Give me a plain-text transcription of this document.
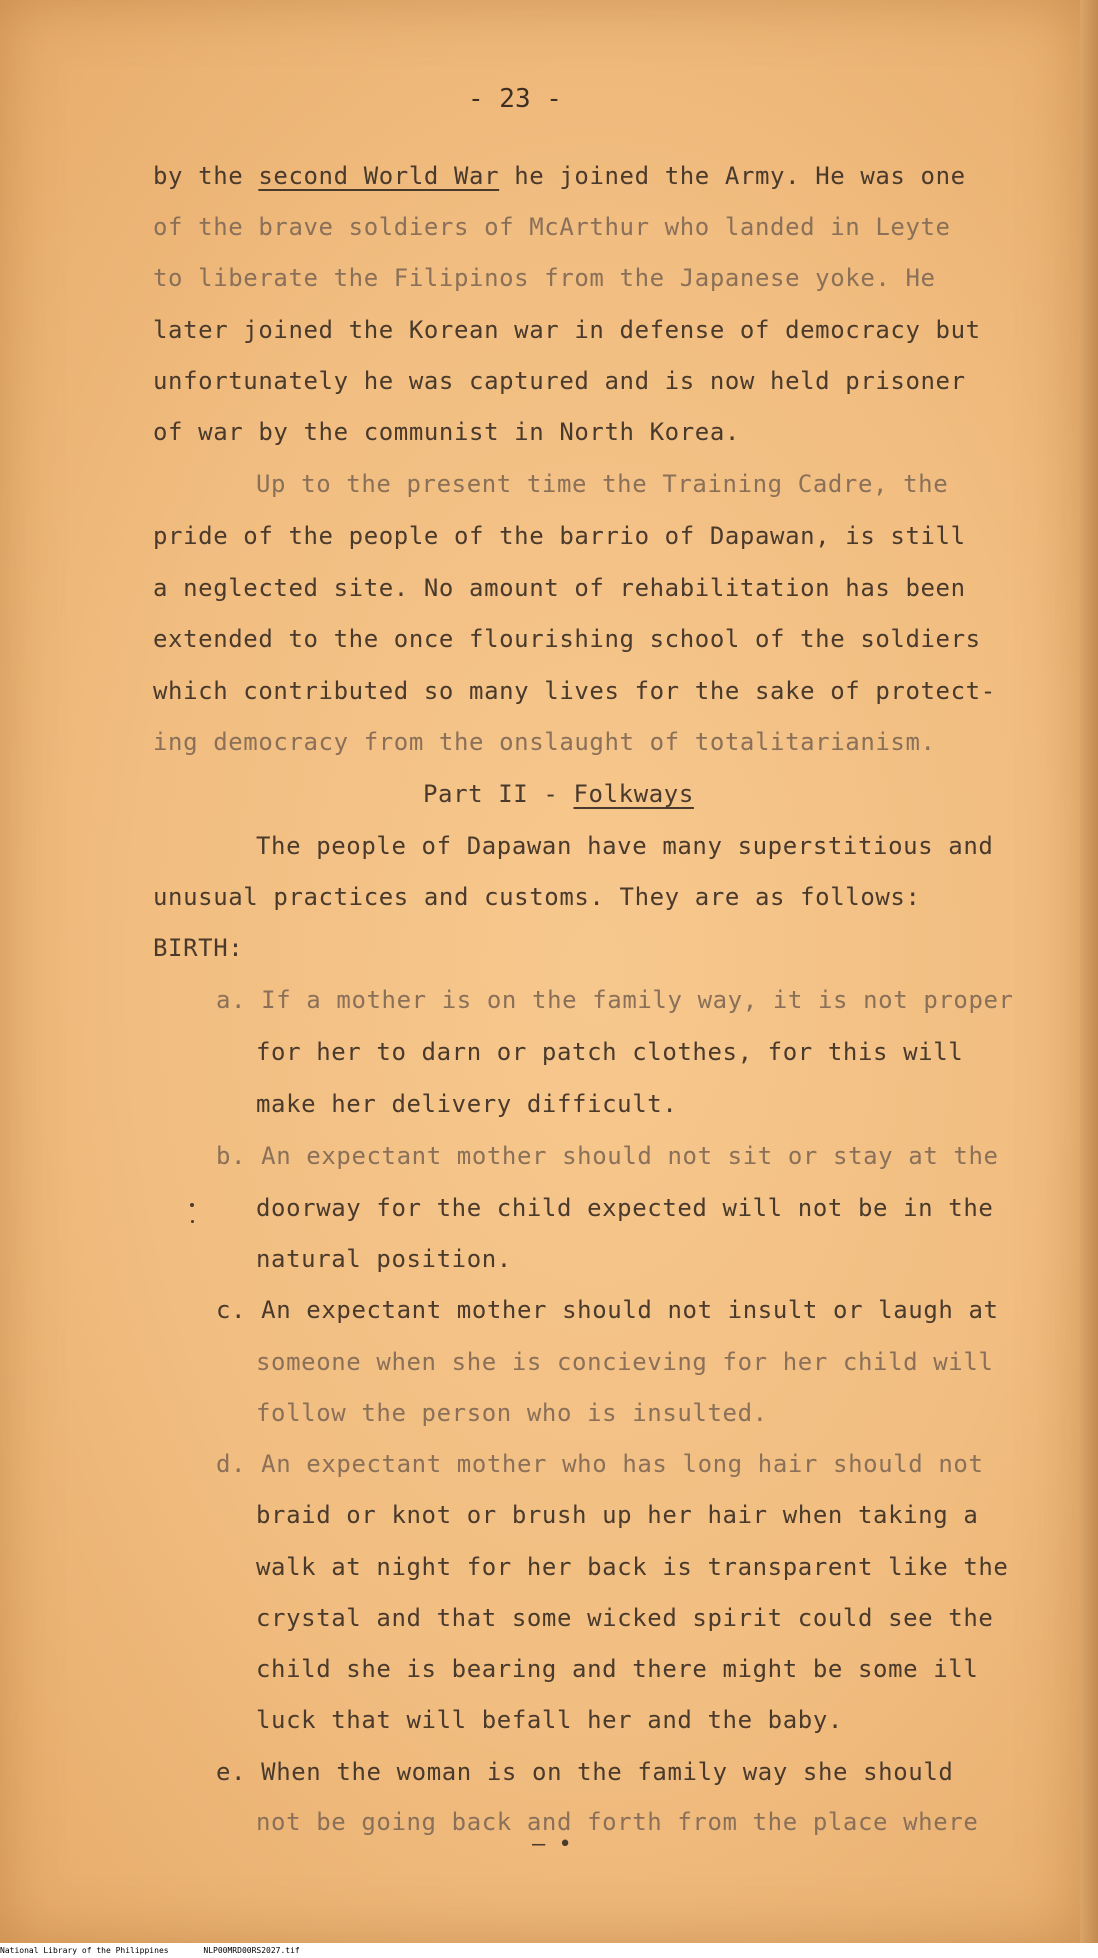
- 23 -
by the second World War he joined the Army. He was one
of the brave soldiers of McArthur who landed in Leyte
to liberate the Filipinos from the Japanese yoke. He
later joined the Korean war in defense of democracy but
unfortunately he was captured and is now held prisoner
of war by the communist in North Korea.
Up to the present time the Training Cadre, the
pride of the people of the barrio of Dapawan, is still
a neglected site. No amount of rehabilitation has been
extended to the once flourishing school of the soldiers
which contributed so many lives for the sake of protect-
ing democracy from the onslaught of totalitarianism.
Part II - Folkways
The people of Dapawan have many superstitious and
unusual practices and customs. They are as follows:
BIRTH:
a. If a mother is on the family way, it is not proper
for her to darn or patch clothes, for this will
make her delivery difficult.
b. An expectant mother should not sit or stay at the
doorway for the child expected will not be in the
natural position.
c. An expectant mother should not insult or laugh at
someone when she is concieving for her child will
follow the person who is insulted.
d. An expectant mother who has long hair should not
braid or knot or brush up her hair when taking a
walk at night for her back is transparent like the
crystal and that some wicked spirit could see the
child she is bearing and there might be some ill
luck that will befall her and the baby.
e. When the woman is on the family way she should
not be going back and forth from the place where
— •
National Library of the Philippines	NLP00MRD00RS2027.tif
